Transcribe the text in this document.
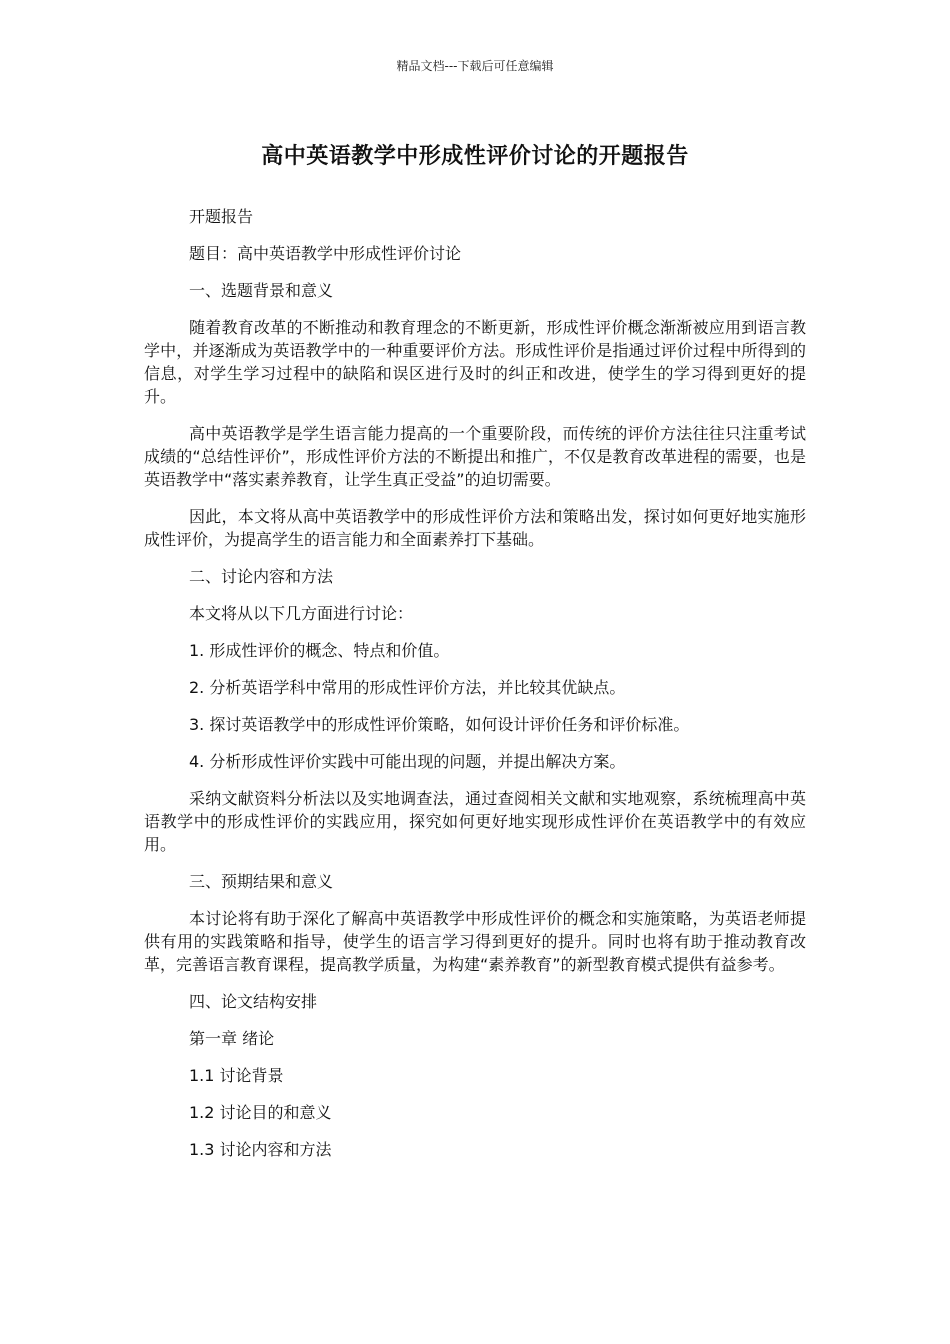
精品文档---下载后可任意编辑
高中英语教学中形成性评价讨论的开题报告

开题报告

题目：高中英语教学中形成性评价讨论

一、选题背景和意义

随着教育改革的不断推动和教育理念的不断更新，形成性评价概念渐渐被应用到语言教学中，并逐渐成为英语教学中的一种重要评价方法。形成性评价是指通过评价过程中所得到的信息，对学生学习过程中的缺陷和误区进行及时的纠正和改进，使学生的学习得到更好的提升。

高中英语教学是学生语言能力提高的一个重要阶段，而传统的评价方法往往只注重考试成绩的“总结性评价”，形成性评价方法的不断提出和推广，不仅是教育改革进程的需要，也是英语教学中“落实素养教育，让学生真正受益”的迫切需要。

因此，本文将从高中英语教学中的形成性评价方法和策略出发，探讨如何更好地实施形成性评价，为提高学生的语言能力和全面素养打下基础。

二、讨论内容和方法

本文将从以下几方面进行讨论：

1. 形成性评价的概念、特点和价值。

2. 分析英语学科中常用的形成性评价方法，并比较其优缺点。

3. 探讨英语教学中的形成性评价策略，如何设计评价任务和评价标准。

4. 分析形成性评价实践中可能出现的问题，并提出解决方案。

采纳文献资料分析法以及实地调查法，通过查阅相关文献和实地观察，系统梳理高中英语教学中的形成性评价的实践应用，探究如何更好地实现形成性评价在英语教学中的有效应用。

三、预期结果和意义

本讨论将有助于深化了解高中英语教学中形成性评价的概念和实施策略，为英语老师提供有用的实践策略和指导，使学生的语言学习得到更好的提升。同时也将有助于推动教育改革，完善语言教育课程，提高教学质量，为构建“素养教育”的新型教育模式提供有益参考。

四、论文结构安排

第一章 绪论

1.1 讨论背景

1.2 讨论目的和意义

1.3 讨论内容和方法
